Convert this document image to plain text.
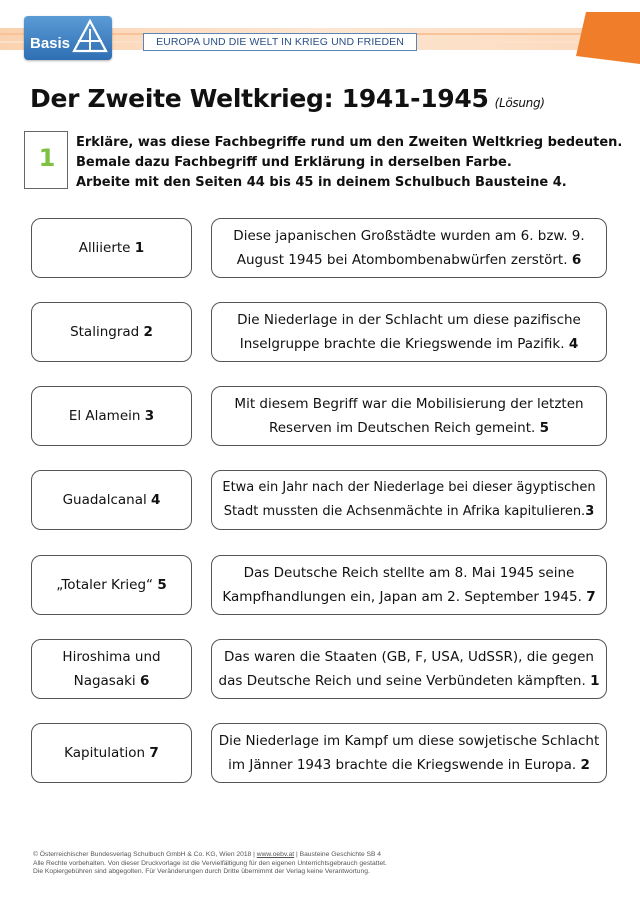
Basis	EUROPA UND DIE WELT IN KRIEG UND FRIEDEN
Der Zweite Weltkrieg: 1941-1945 (Lösung)
1
Erkläre, was diese Fachbegriffe rund um den Zweiten Weltkrieg bedeuten.
Bemale dazu Fachbegriff und Erklärung in derselben Farbe.
Arbeite mit den Seiten 44 bis 45 in deinem Schulbuch Bausteine 4.
Alliierte 1
Diese japanischen Großstädte wurden am 6. bzw. 9.
August 1945 bei Atombombenabwürfen zerstört. 6
Stalingrad 2
Die Niederlage in der Schlacht um diese pazifische
Inselgruppe brachte die Kriegswende im Pazifik. 4
El Alamein 3
Mit diesem Begriff war die Mobilisierung der letzten
Reserven im Deutschen Reich gemeint. 5
Guadalcanal 4
Etwa ein Jahr nach der Niederlage bei dieser ägyptischen
Stadt mussten die Achsenmächte in Afrika kapitulieren.3
„Totaler Krieg“ 5
Das Deutsche Reich stellte am 8. Mai 1945 seine
Kampfhandlungen ein, Japan am 2. September 1945. 7
Hiroshima und
Nagasaki 6
Das waren die Staaten (GB, F, USA, UdSSR), die gegen
das Deutsche Reich und seine Verbündeten kämpften. 1
Kapitulation 7
Die Niederlage im Kampf um diese sowjetische Schlacht
im Jänner 1943 brachte die Kriegswende in Europa. 2
© Österreichischer Bundesverlag Schulbuch GmbH & Co. KG, Wien 2018 | www.oebv.at | Bausteine Geschichte SB 4
Alle Rechte vorbehalten. Von dieser Druckvorlage ist die Vervielfältigung für den eigenen Unterrichtsgebrauch gestattet.
Die Kopiergebühren sind abgegolten. Für Veränderungen durch Dritte übernimmt der Verlag keine Verantwortung.
